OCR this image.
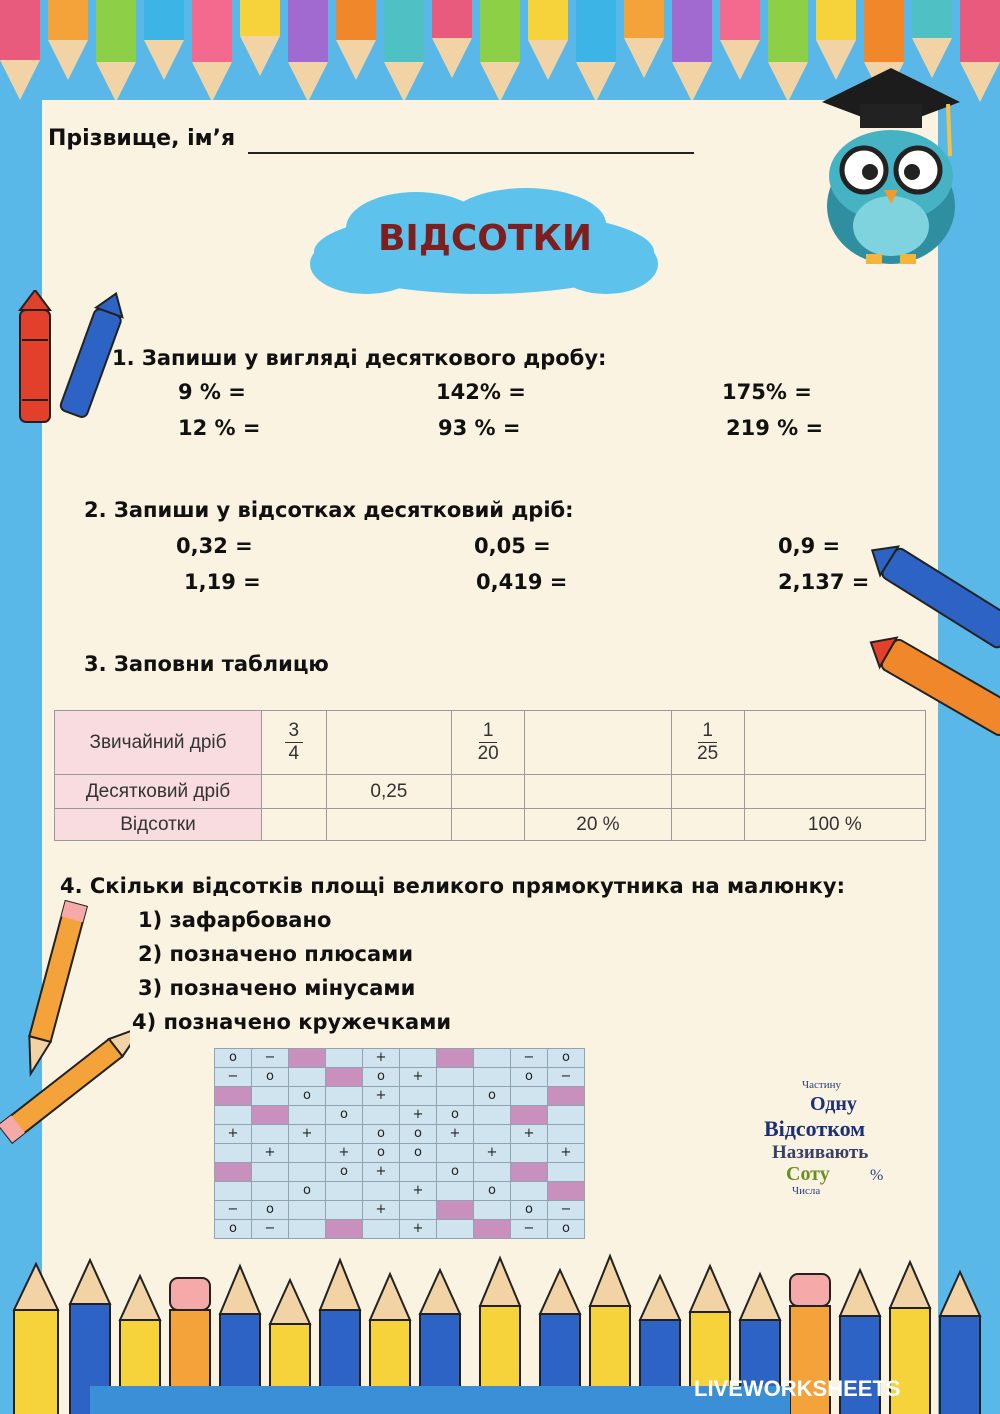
Прізвище, ім’я
ВІДСОТКИ
1. Запиши у вигляді десяткового дробу:
9 % =	142% =	175% =
12 % =	93 % =	219 % =
2. Запиши у відсотках десятковий дріб:
0,32 =	0,05 =	0,9 =
1,19 =	0,419 =	2,137 =
3. Заповни таблицю
Звичайний дріб	$\frac{3}{4}$		$\frac{1}{20}$		$\frac{1}{25}$

Десятковий дріб		0,25				
Відсотки				20 %		100 %
4. Скільки відсотків площі великого прямокутника на малюнку:
1) зафарбовано
2) позначено плюсами
3) позначено мінусами
4) позначено кружечками
o	−			+				−	o
−	o			o	+			o	−
		o		+			o		
			o		+	o			
+		+		o	o	+		+	
	+		+	o	o		+		+
			o	+		o			
		o			+		o		
−	o			+				o	−
o	−				+			−	o
Частину
Одну
Відсотком
Називають
Соту
Числа
%
LIVEWORKSHEETS
